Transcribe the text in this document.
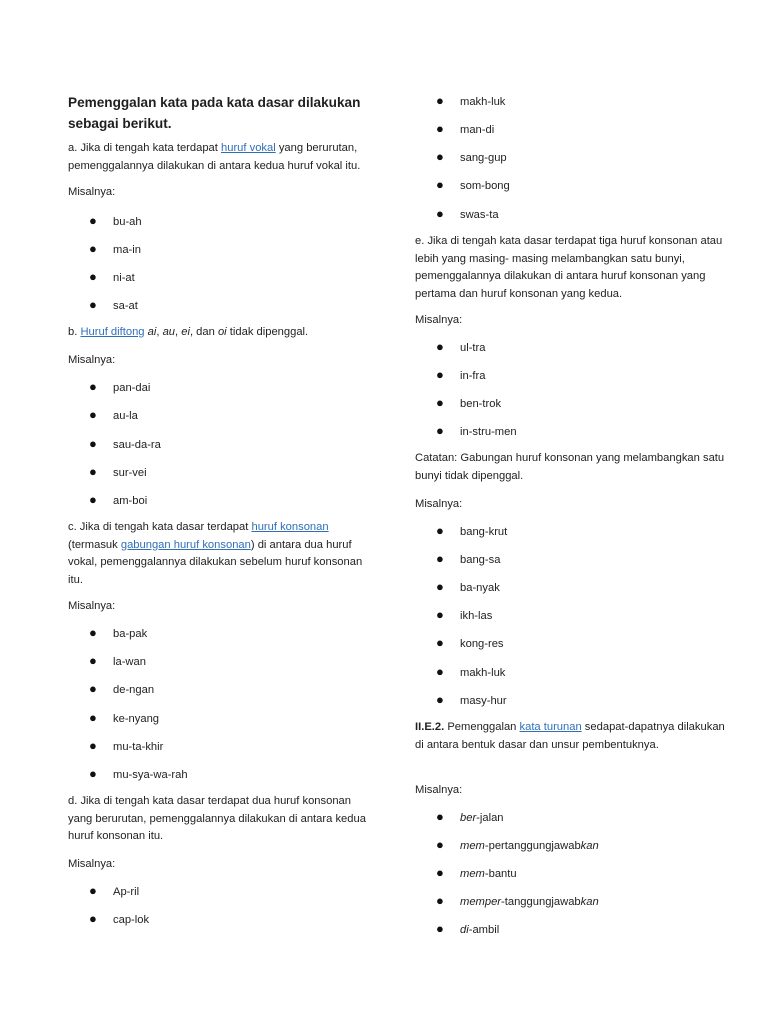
Pemenggalan kata pada kata dasar dilakukan sebagai berikut.
a. Jika di tengah kata terdapat huruf vokal yang berurutan, pemenggalannya dilakukan di antara kedua huruf vokal itu.
Misalnya:
● bu-ah
● ma-in
● ni-at
● sa-at
b. Huruf diftong ai, au, ei, dan oi tidak dipenggal.
Misalnya:
● pan-dai
● au-la
● sau-da-ra
● sur-vei
● am-boi
c. Jika di tengah kata dasar terdapat huruf konsonan (termasuk gabungan huruf konsonan) di antara dua huruf vokal, pemenggalannya dilakukan sebelum huruf konsonan itu.
Misalnya:
● ba-pak
● la-wan
● de-ngan
● ke-nyang
● mu-ta-khir
● mu-sya-wa-rah
d. Jika di tengah kata dasar terdapat dua huruf konsonan yang berurutan, pemenggalannya dilakukan di antara kedua huruf konsonan itu.
Misalnya:
● Ap-ril
● cap-lok
● makh-luk
● man-di
● sang-gup
● som-bong
● swas-ta
e. Jika di tengah kata dasar terdapat tiga huruf konsonan atau lebih yang masing- masing melambangkan satu bunyi, pemenggalannya dilakukan di antara huruf konsonan yang pertama dan huruf konsonan yang kedua.
Misalnya:
● ul-tra
● in-fra
● ben-trok
● in-stru-men
Catatan: Gabungan huruf konsonan yang melambangkan satu bunyi tidak dipenggal.
Misalnya:
● bang-krut
● bang-sa
● ba-nyak
● ikh-las
● kong-res
● makh-luk
● masy-hur
II.E.2. Pemenggalan kata turunan sedapat-dapatnya dilakukan di antara bentuk dasar dan unsur pembentuknya.
Misalnya:
● ber-jalan
● mem-pertanggungjawabkan
● mem-bantu
● memper-tanggungjawabkan
● di-ambil
